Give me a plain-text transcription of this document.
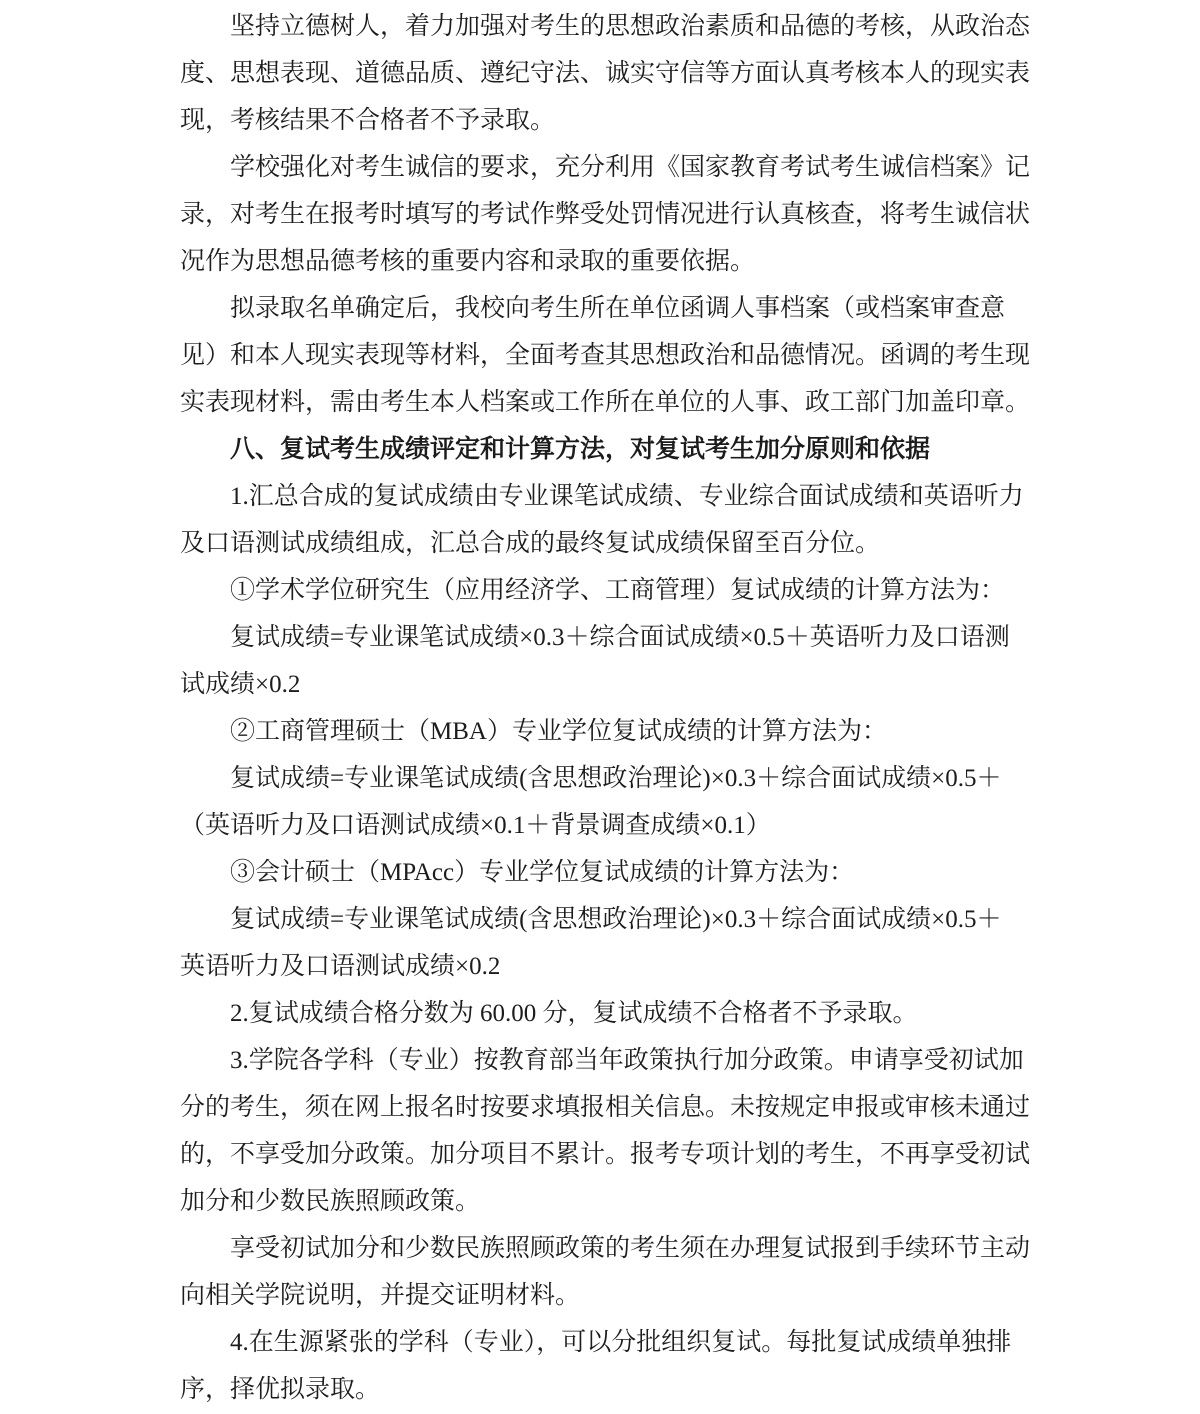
坚持立德树人，着力加强对考生的思想政治素质和品德的考核，从政治态
度、思想表现、道德品质、遵纪守法、诚实守信等方面认真考核本人的现实表
现，考核结果不合格者不予录取。
学校强化对考生诚信的要求，充分利用《国家教育考试考生诚信档案》记
录，对考生在报考时填写的考试作弊受处罚情况进行认真核查，将考生诚信状
况作为思想品德考核的重要内容和录取的重要依据。
拟录取名单确定后，我校向考生所在单位函调人事档案（或档案审查意
见）和本人现实表现等材料，全面考查其思想政治和品德情况。函调的考生现
实表现材料，需由考生本人档案或工作所在单位的人事、政工部门加盖印章。
八、复试考生成绩评定和计算方法，对复试考生加分原则和依据
1.汇总合成的复试成绩由专业课笔试成绩、专业综合面试成绩和英语听力
及口语测试成绩组成，汇总合成的最终复试成绩保留至百分位。
①学术学位研究生（应用经济学、工商管理）复试成绩的计算方法为：
复试成绩=专业课笔试成绩×0.3＋综合面试成绩×0.5＋英语听力及口语测
试成绩×0.2
②工商管理硕士（MBA）专业学位复试成绩的计算方法为：
复试成绩=专业课笔试成绩(含思想政治理论)×0.3＋综合面试成绩×0.5＋
（英语听力及口语测试成绩×0.1＋背景调查成绩×0.1）
③会计硕士（MPAcc）专业学位复试成绩的计算方法为：
复试成绩=专业课笔试成绩(含思想政治理论)×0.3＋综合面试成绩×0.5＋
英语听力及口语测试成绩×0.2
2.复试成绩合格分数为 60.00 分，复试成绩不合格者不予录取。
3.学院各学科（专业）按教育部当年政策执行加分政策。申请享受初试加
分的考生，须在网上报名时按要求填报相关信息。未按规定申报或审核未通过
的，不享受加分政策。加分项目不累计。报考专项计划的考生，不再享受初试
加分和少数民族照顾政策。
享受初试加分和少数民族照顾政策的考生须在办理复试报到手续环节主动
向相关学院说明，并提交证明材料。
4.在生源紧张的学科（专业），可以分批组织复试。每批复试成绩单独排
序，择优拟录取。
